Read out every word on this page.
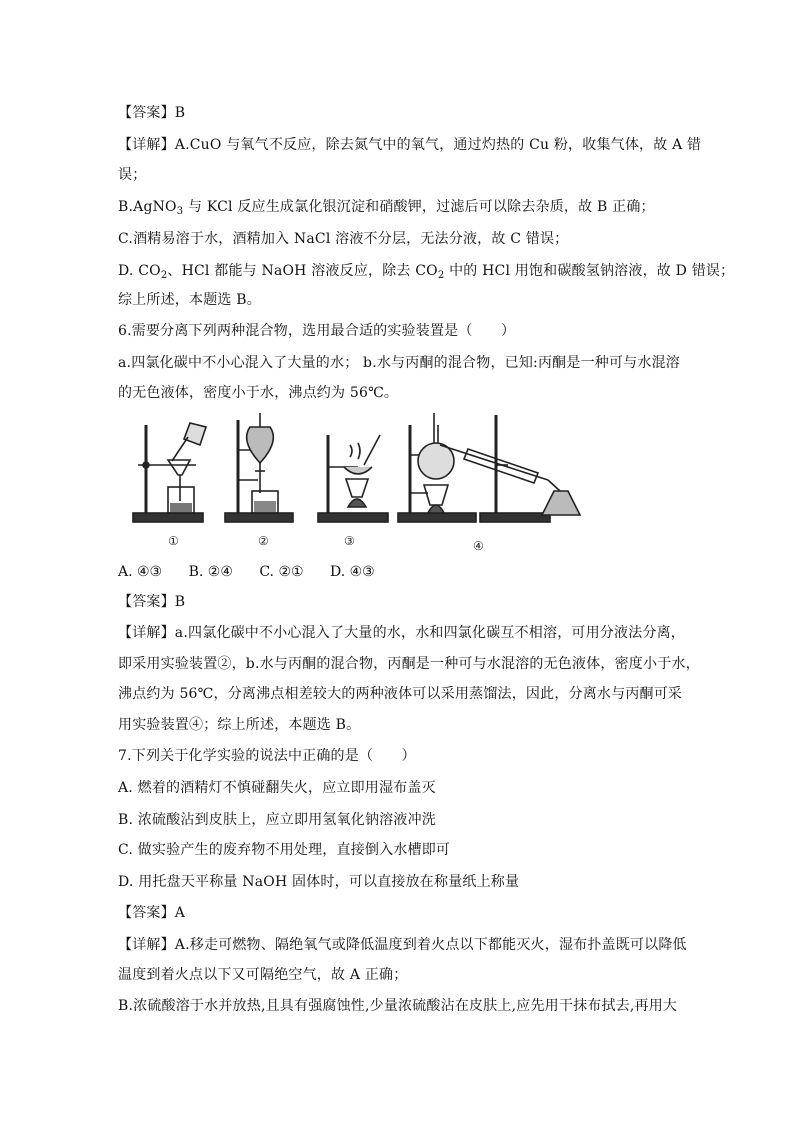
【答案】B
【详解】A.CuO 与氧气不反应，除去氮气中的氧气，通过灼热的 Cu 粉，收集气体，故 A 错
误；
B.AgNO$_3$ 与 KCl 反应生成氯化银沉淀和硝酸钾，过滤后可以除去杂质，故 B 正确；
C.酒精易溶于水，酒精加入 NaCl 溶液不分层，无法分液，故 C 错误；
D. $CO_2$、HCl 都能与 NaOH 溶液反应，除去 $CO_2$ 中的 HCl 用饱和碳酸氢钠溶液，故 D 错误；
综上所述，本题选 B。
6.需要分离下列两种混合物，选用最合适的实验装置是（　　）
a.四氯化碳中不小心混入了大量的水； b.水与丙酮的混合物，已知:丙酮是一种可与水混溶
的无色液体，密度小于水，沸点约为 56℃。
①	②	③	④
A. ④③ B. ②④ C. ②① D. ④③
【答案】B
【详解】a.四氯化碳中不小心混入了大量的水，水和四氯化碳互不相溶，可用分液法分离，
即采用实验装置②，b.水与丙酮的混合物，丙酮是一种可与水混溶的无色液体，密度小于水，
沸点约为 56℃，分离沸点相差较大的两种液体可以采用蒸馏法，因此，分离水与丙酮可采
用实验装置④；综上所述，本题选 B。
7.下列关于化学实验的说法中正确的是（　　）
A. 燃着的酒精灯不慎碰翻失火，应立即用湿布盖灭
B. 浓硫酸沾到皮肤上，应立即用氢氧化钠溶液冲洗
C. 做实验产生的废弃物不用处理，直接倒入水槽即可
D. 用托盘天平称量 NaOH 固体时，可以直接放在称量纸上称量
【答案】A
【详解】A.移走可燃物、隔绝氧气或降低温度到着火点以下都能灭火，湿布扑盖既可以降低
温度到着火点以下又可隔绝空气，故 A 正确；
B.浓硫酸溶于水并放热,且具有强腐蚀性,少量浓硫酸沾在皮肤上,应先用干抹布拭去,再用大
